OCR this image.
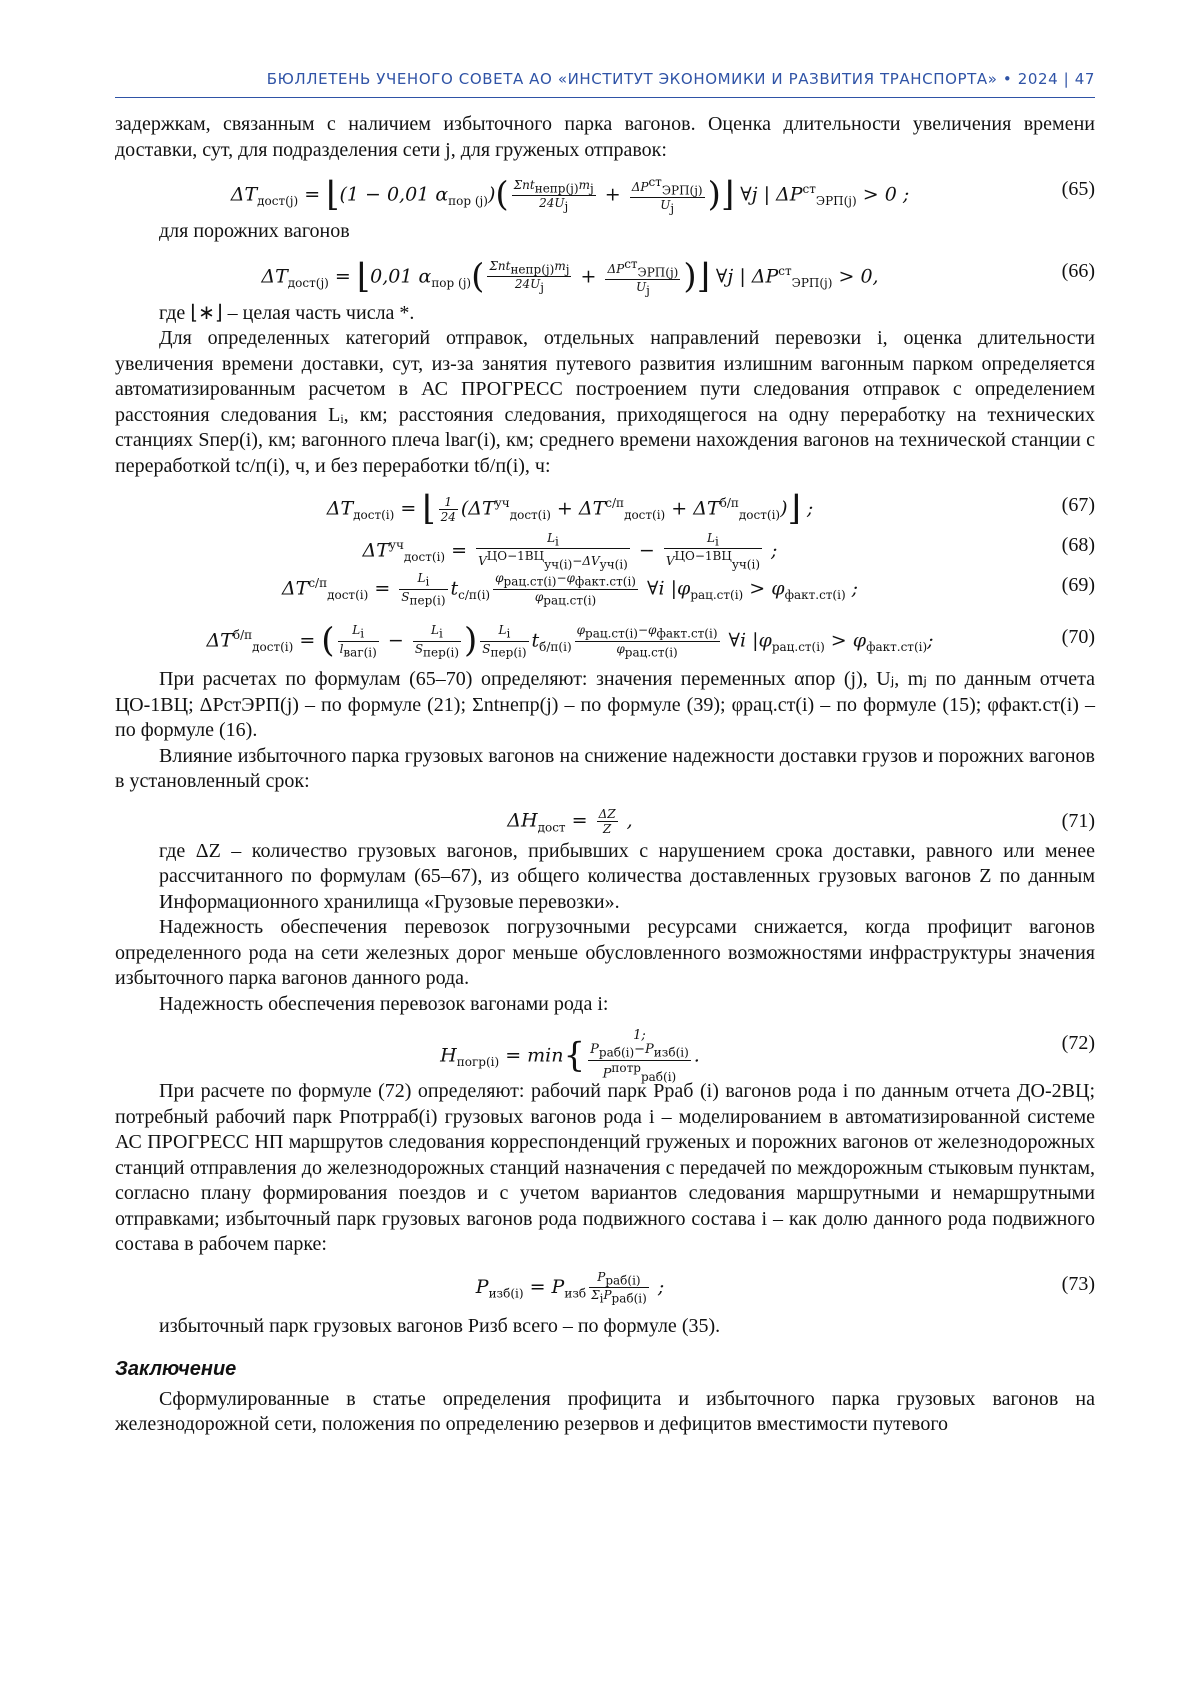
БЮЛЛЕТЕНЬ УЧЕНОГО СОВЕТА АО «ИНСТИТУТ ЭКОНОМИКИ И РАЗВИТИЯ ТРАНСПОРТА» • 2024 | 47

задержкам, связанным с наличием избыточного парка вагонов. Оценка длительности увеличения времени доставки, сут, для подразделения сети j, для груженых отправок:

ΔTдост(j) = ⌊(1 − 0,01 αпор (j))( Σntнепр(j)mj
24Uj
+ ΔPстЭРП(j)
Uj )⌋ ∀j | ΔPстЭРП(j) > 0 ;	(65)

для порожних вагонов

ΔTдост(j) = ⌊0,01 αпор (j)( Σntнепр(j)mj
24Uj
+ ΔPстЭРП(j)
Uj )⌋ ∀j | ΔPстЭРП(j) > 0,	(66)

где ⌊∗⌋ – целая часть числа *.

Для определенных категорий отправок, отдельных направлений перевозки i, оценка длительности увеличения времени доставки, сут, из-за занятия путевого развития излишним вагонным парком определяется автоматизированным расчетом в АС ПРОГРЕСС построением пути следования отправок с определением расстояния следования Lᵢ, км; расстояния следования, приходящегося на одну переработку на технических станциях Sпер(i), км; вагонного плеча lваг(i), км; среднего времени нахождения вагонов на технической станции с переработкой tс/п(i), ч, и без переработки tб/п(i), ч:

ΔTдост(i) = ⌊ 1
24 (ΔTучдост(i) + ΔTс/пдост(i) + ΔTб/пдост(i))⌋ ;	(67)
ΔTучдост(i) =
Li
VЦО−1ВЦуч(i)−ΔVуч(i)
−
Li
VЦО−1ВЦуч(i)
;	(68)
ΔTс/пдост(i) =	Li
Sпер(i)
tс/п(i)
φрац.ст(i)−φфакт.ст(i)
φрац.ст(i)
∀i |φрац.ст(i) > φфакт.ст(i) ;	(69)
ΔTб/пдост(i) = (	Li
lваг(i)
−	Li
Sпер(i) )	Li
Sпер(i)
tб/п(i)
φрац.ст(i)−φфакт.ст(i)
φрац.ст(i)
∀i |φрац.ст(i) > φфакт.ст(i);	(70)

При расчетах по формулам (65–70) определяют: значения переменных αпор (j), Uⱼ, mⱼ по данным отчета ЦО-1ВЦ; ΔPстЭРП(j) – по формуле (21); Σntнепр(j) – по формуле (39); φрац.ст(i) – по формуле (15); φфакт.ст(i) – по формуле (16).

Влияние избыточного парка грузовых вагонов на снижение надежности доставки грузов и порожних вагонов в установленный срок:

ΔHдост = ΔZ
Z ,	(71)

где ΔZ – количество грузовых вагонов, прибывших с нарушением срока доставки, равного или менее рассчитанного по формулам (65–67), из общего количества доставленных грузовых вагонов Z по данным Информационного хранилища «Грузовые перевозки».

Надежность обеспечения перевозок погрузочными ресурсами снижается, когда профицит вагонов определенного рода на сети железных дорог меньше обусловленного возможностями инфраструктуры значения избыточного парка вагонов данного рода.

Надежность обеспечения перевозок вагонами рода i:

Hпогр(i) = min{
1;
Pраб(i)−Pизб(i)
Pпотрраб(i)
.
(72)

При расчете по формуле (72) определяют: рабочий парк Pраб (i) вагонов рода i по данным отчета ДО-2ВЦ; потребный рабочий парк Pпотрраб(i) грузовых вагонов рода i – моделированием в автоматизированной системе АС ПРОГРЕСС НП маршрутов следования корреспонденций груженых и порожних вагонов от железнодорожных станций отправления до железнодорожных станций назначения с передачей по междорожным стыковым пунктам, согласно плану формирования поездов и с учетом вариантов следования маршрутными и немаршрутными отправками; избыточный парк грузовых вагонов рода подвижного состава i – как долю данного рода подвижного состава в рабочем парке:

Pизб(i) = Pизб
Pраб(i)
ΣiPраб(i)
;	(73)

избыточный парк грузовых вагонов Pизб всего – по формуле (35).

Заключение

Сформулированные в статье определения профицита и избыточного парка грузовых вагонов на железнодорожной сети, положения по определению резервов и дефицитов вместимости путевого
